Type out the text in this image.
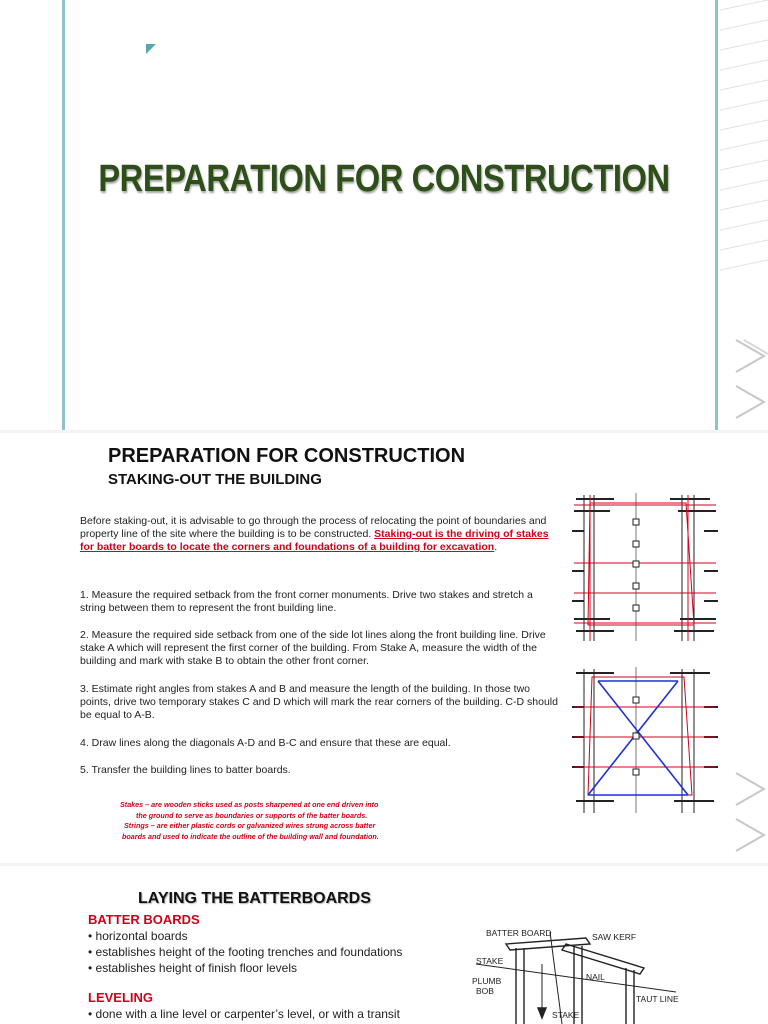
PREPARATION FOR CONSTRUCTION
PREPARATION FOR CONSTRUCTION
STAKING-OUT THE BUILDING
Before staking-out, it is advisable to go through the process of relocating the point of boundaries and property line of the site where the building is to be constructed. Staking-out is the driving of stakes for batter boards to locate the corners and foundations of a building for excavation.
1. Measure the required setback from the front corner monuments. Drive two stakes and stretch a string between them to represent the front building line.
2. Measure the required side setback from one of the side lot lines along the front building line. Drive stake A which will represent the first corner of the building. From Stake A, measure the width of the building and mark with stake B to obtain the other front corner.
3. Estimate right angles from stakes A and B and measure the length of the building. In those two points, drive two temporary stakes C and D which will mark the rear corners of the building. C-D should be equal to A-B.
4. Draw lines along the diagonals A-D and B-C and ensure that these are equal.
5. Transfer the building lines to batter boards.
Stakes – are wooden sticks used as posts sharpened at one end driven into
the ground to serve as boundaries or supports of the batter boards.
Strings – are either plastic cords or galvanized wires strung across batter
boards and used to indicate the outline of the building wall and foundation.
LAYING THE BATTERBOARDS
BATTER BOARDS
• horizontal boards
• establishes height of the footing trenches and foundations
• establishes height of finish floor levels
LEVELING
• done with a line level or carpenter’s level, or with a transit
BATTER BOARD	SAW KERF
STAKE
PLUMB
BOB
NAIL
TAUT LINE
STAKE
